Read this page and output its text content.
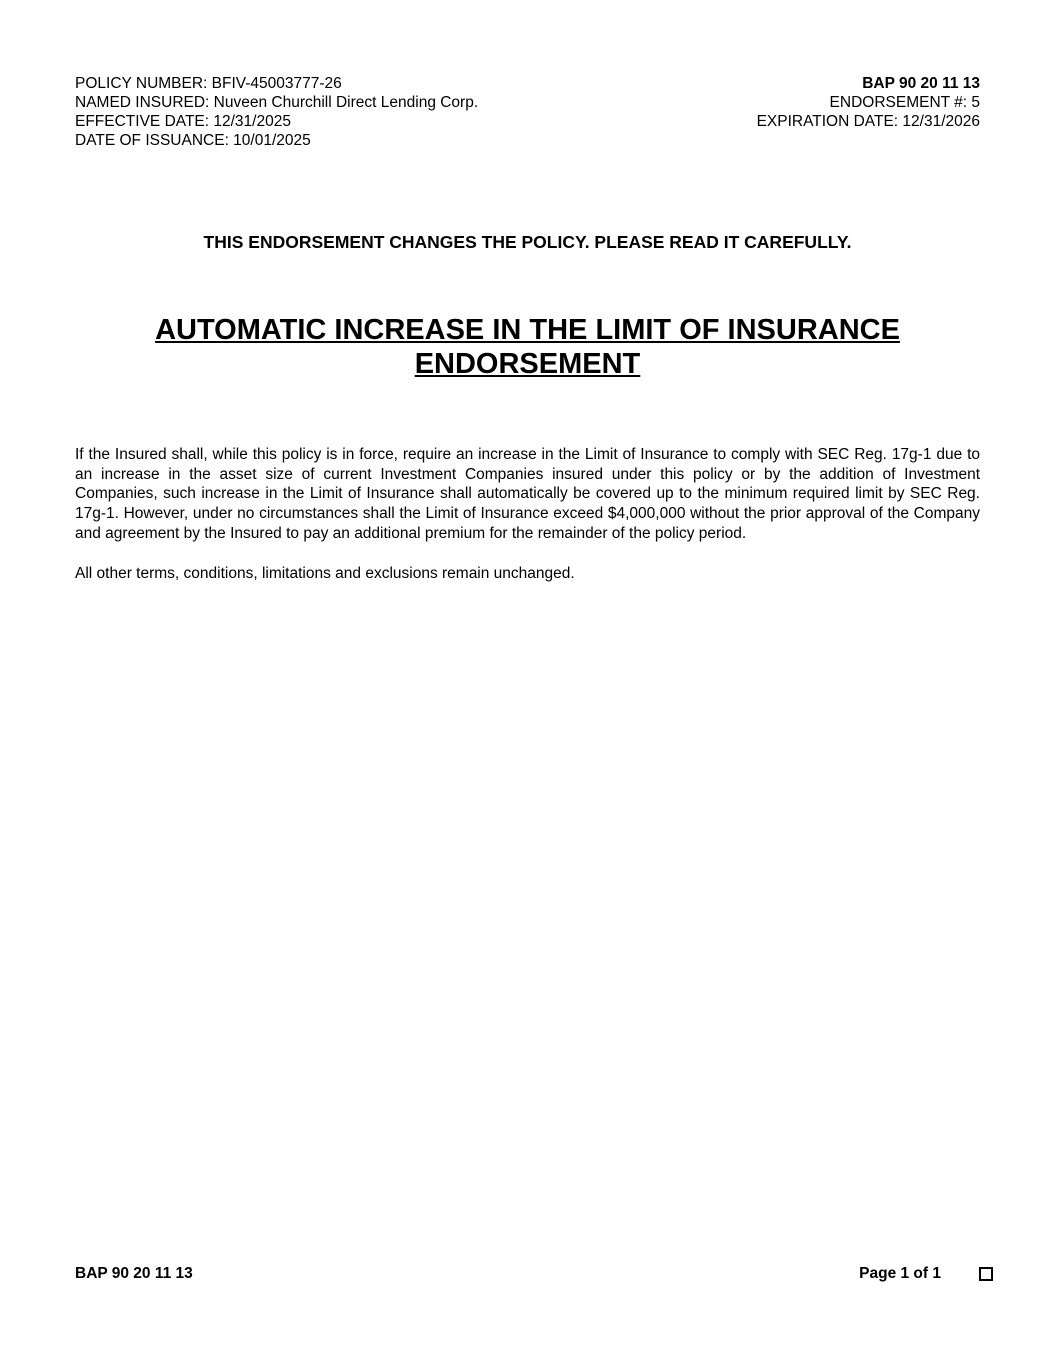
POLICY NUMBER: BFIV-45003777-26	BAP 90 20 11 13
NAMED INSURED: Nuveen Churchill Direct Lending Corp.	ENDORSEMENT #: 5
EFFECTIVE DATE: 12/31/2025	EXPIRATION DATE: 12/31/2026
DATE OF ISSUANCE: 10/01/2025
THIS ENDORSEMENT CHANGES THE POLICY. PLEASE READ IT CAREFULLY.
AUTOMATIC INCREASE IN THE LIMIT OF INSURANCE ENDORSEMENT

If the Insured shall, while this policy is in force, require an increase in the Limit of Insurance to comply with SEC Reg. 17g-1 due to an increase in the asset size of current Investment Companies insured under this policy or by the addition of Investment Companies, such increase in the Limit of Insurance shall automatically be covered up to the minimum required limit by SEC Reg. 17g-1. However, under no circumstances shall the Limit of Insurance exceed $4,000,000 without the prior approval of the Company and agreement by the Insured to pay an additional premium for the remainder of the policy period.

All other terms, conditions, limitations and exclusions remain unchanged.

BAP 90 20 11 13	Page 1 of 1
